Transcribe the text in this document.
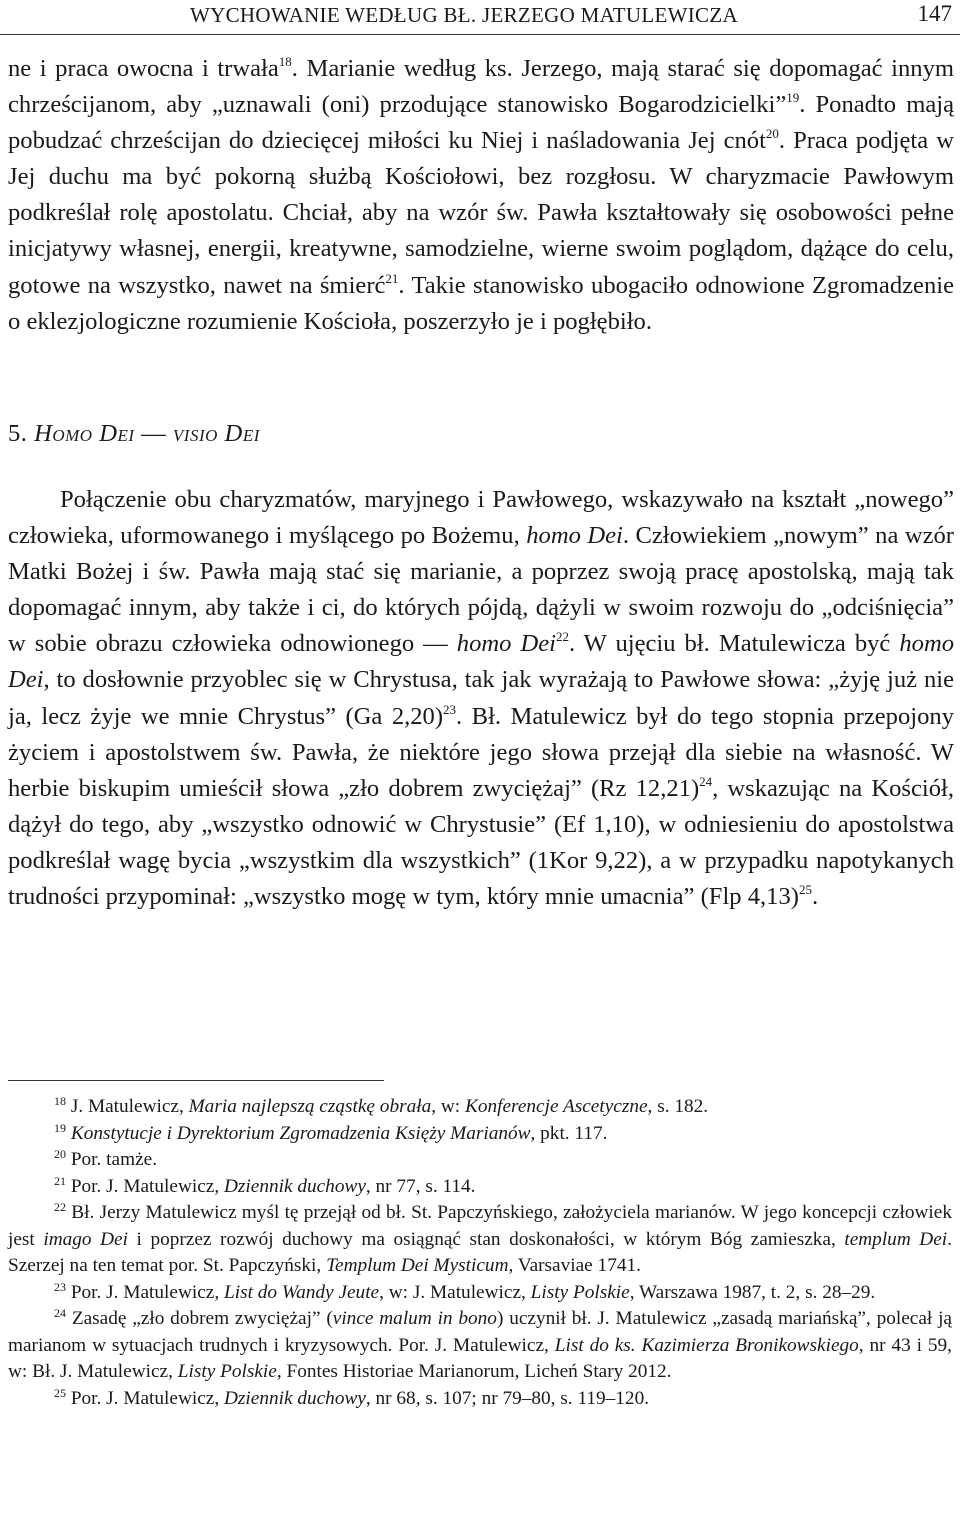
WYCHOWANIE WEDŁUG BŁ. JERZEGO MATULEWICZA	147

ne i praca owocna i trwała$^{18}$. Marianie według ks. Jerzego, mają starać się dopomagać innym chrześcijanom, aby „uznawali (oni) przodujące stanowisko Bogarodzicielki”$^{19}$. Ponadto mają pobudzać chrześcijan do dziecięcej miłości ku Niej i naśladowania Jej cnót$^{20}$. Praca podjęta w Jej duchu ma być pokorną służbą Kościołowi, bez rozgłosu. W charyzmacie Pawłowym podkreślał rolę apostolatu. Chciał, aby na wzór św. Pawła kształtowały się osobowości pełne inicjatywy własnej, energii, kreatywne, samodzielne, wierne swoim poglądom, dążące do celu, gotowe na wszystko, nawet na śmierć$^{21}$. Takie stanowisko ubogaciło odnowione Zgromadzenie o eklezjologiczne rozumienie Kościoła, poszerzyło je i pogłębiło.

5. Homo Dei — visio Dei

Połączenie obu charyzmatów, maryjnego i Pawłowego, wskazywało na kształt „nowego” człowieka, uformowanego i myślącego po Bożemu, homo Dei. Człowiekiem „nowym” na wzór Matki Bożej i św. Pawła mają stać się marianie, a poprzez swoją pracę apostolską, mają tak dopomagać innym, aby także i ci, do których pójdą, dążyli w swoim rozwoju do „odciśnięcia” w sobie obrazu człowieka odnowionego — homo Dei$^{22}$. W ujęciu bł. Matulewicza być homo Dei, to dosłownie przyoblec się w Chrystusa, tak jak wyrażają to Pawłowe słowa: „żyję już nie ja, lecz żyje we mnie Chrystus” (Ga 2,20)$^{23}$. Bł. Matulewicz był do tego stopnia przepojony życiem i apostolstwem św. Pawła, że niektóre jego słowa przejął dla siebie na własność. W herbie biskupim umieścił słowa „zło dobrem zwyciężaj” (Rz 12,21)$^{24}$, wskazując na Kościół, dążył do tego, aby „wszystko odnowić w Chrystusie” (Ef 1,10), w odniesieniu do apostolstwa podkreślał wagę bycia „wszystkim dla wszystkich” (1Kor 9,22), a w przypadku napotykanych trudności przypominał: „wszystko mogę w tym, który mnie umacnia” (Flp 4,13)$^{25}$.

$^{18}$ J. Matulewicz, Maria najlepszą cząstkę obrała, w: Konferencje Ascetyczne, s. 182.

$^{19}$ Konstytucje i Dyrektorium Zgromadzenia Księży Marianów, pkt. 117.

$^{20}$ Por. tamże.

$^{21}$ Por. J. Matulewicz, Dziennik duchowy, nr 77, s. 114.

$^{22}$ Bł. Jerzy Matulewicz myśl tę przejął od bł. St. Papczyńskiego, założyciela marianów. W jego koncepcji człowiek jest imago Dei i poprzez rozwój duchowy ma osiągnąć stan doskonałości, w którym Bóg zamieszka, templum Dei. Szerzej na ten temat por. St. Papczyński, Templum Dei Mysticum, Varsaviae 1741.

$^{23}$ Por. J. Matulewicz, List do Wandy Jeute, w: J. Matulewicz, Listy Polskie, Warszawa 1987, t. 2, s. 28–29.

$^{24}$ Zasadę „zło dobrem zwyciężaj” (vince malum in bono) uczynił bł. J. Matulewicz „zasadą mariańską”, polecał ją marianom w sytuacjach trudnych i kryzysowych. Por. J. Matulewicz, List do ks. Kazimierza Bronikowskiego, nr 43 i 59, w: Bł. J. Matulewicz, Listy Polskie, Fontes Historiae Marianorum, Licheń Stary 2012.

$^{25}$ Por. J. Matulewicz, Dziennik duchowy, nr 68, s. 107; nr 79–80, s. 119–120.
